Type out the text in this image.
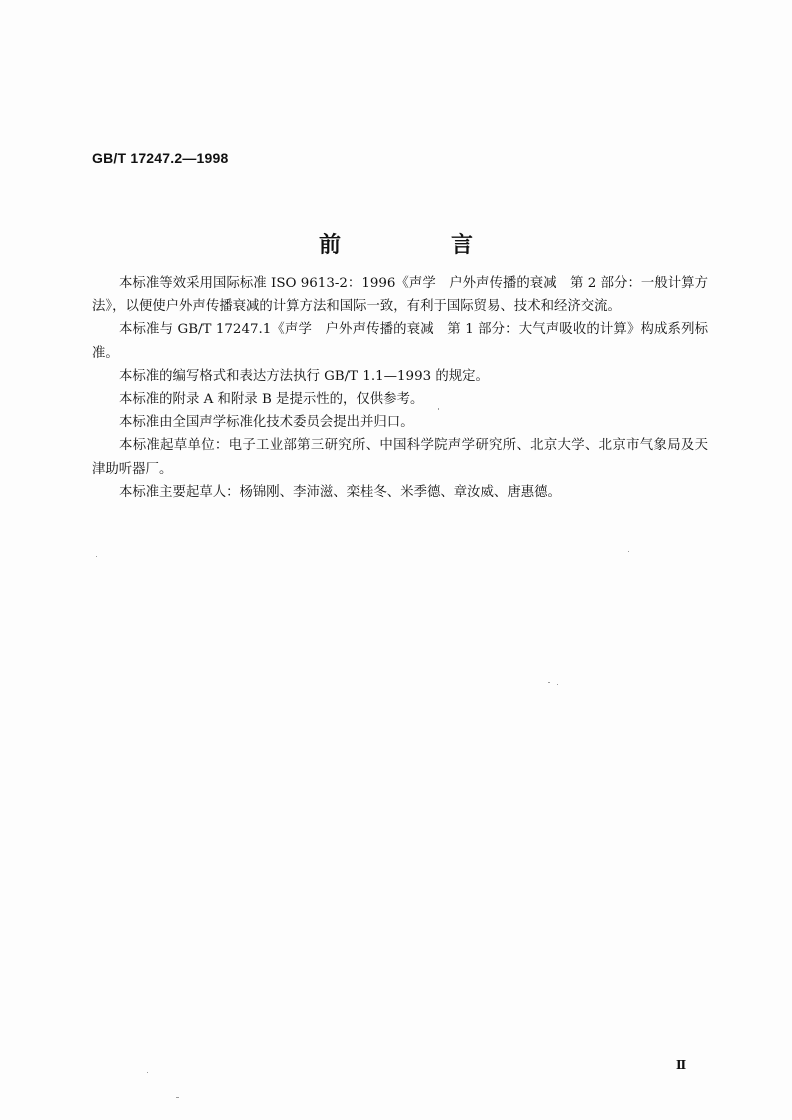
GB/T 17247.2—1998
前　言

本标准等效采用国际标准 ISO 9613-2：1996《声学　户外声传播的衰减　第 2 部分：一般计算方法》，以便使户外声传播衰减的计算方法和国际一致，有利于国际贸易、技术和经济交流。

本标准与 GB/T 17247.1《声学　户外声传播的衰减　第 1 部分：大气声吸收的计算》构成系列标准。

本标准的编写格式和表达方法执行 GB/T 1.1—1993 的规定。

本标准的附录 A 和附录 B 是提示性的，仅供参考。

本标准由全国声学标准化技术委员会提出并归口。

本标准起草单位：电子工业部第三研究所、中国科学院声学研究所、北京大学、北京市气象局及天津助听器厂。

本标准主要起草人：杨锦刚、李沛滋、栾桂冬、米季德、章汝威、唐惠德。

Ⅱ
